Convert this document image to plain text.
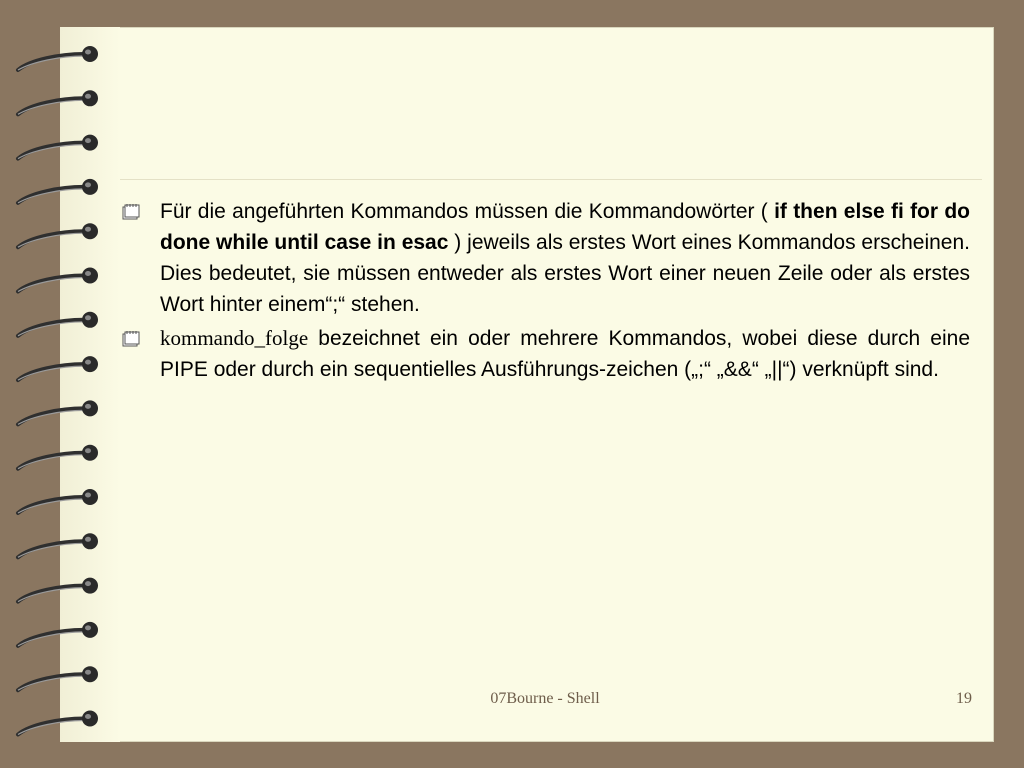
Für die angeführten Kommandos müssen die Kommandowörter ( if then else fi for do done while until case in esac ) jeweils als erstes Wort eines Kommandos erscheinen. Dies bedeutet, sie müssen entweder als erstes Wort einer neuen Zeile oder als erstes Wort hinter einem“;“ stehen.
kommando_folge bezeichnet ein oder mehrere Kommandos, wobei diese durch eine PIPE oder durch ein sequentielles Ausführungs-zeichen („;“ „&&“ „||“) verknüpft sind.
07Bourne - Shell	19
